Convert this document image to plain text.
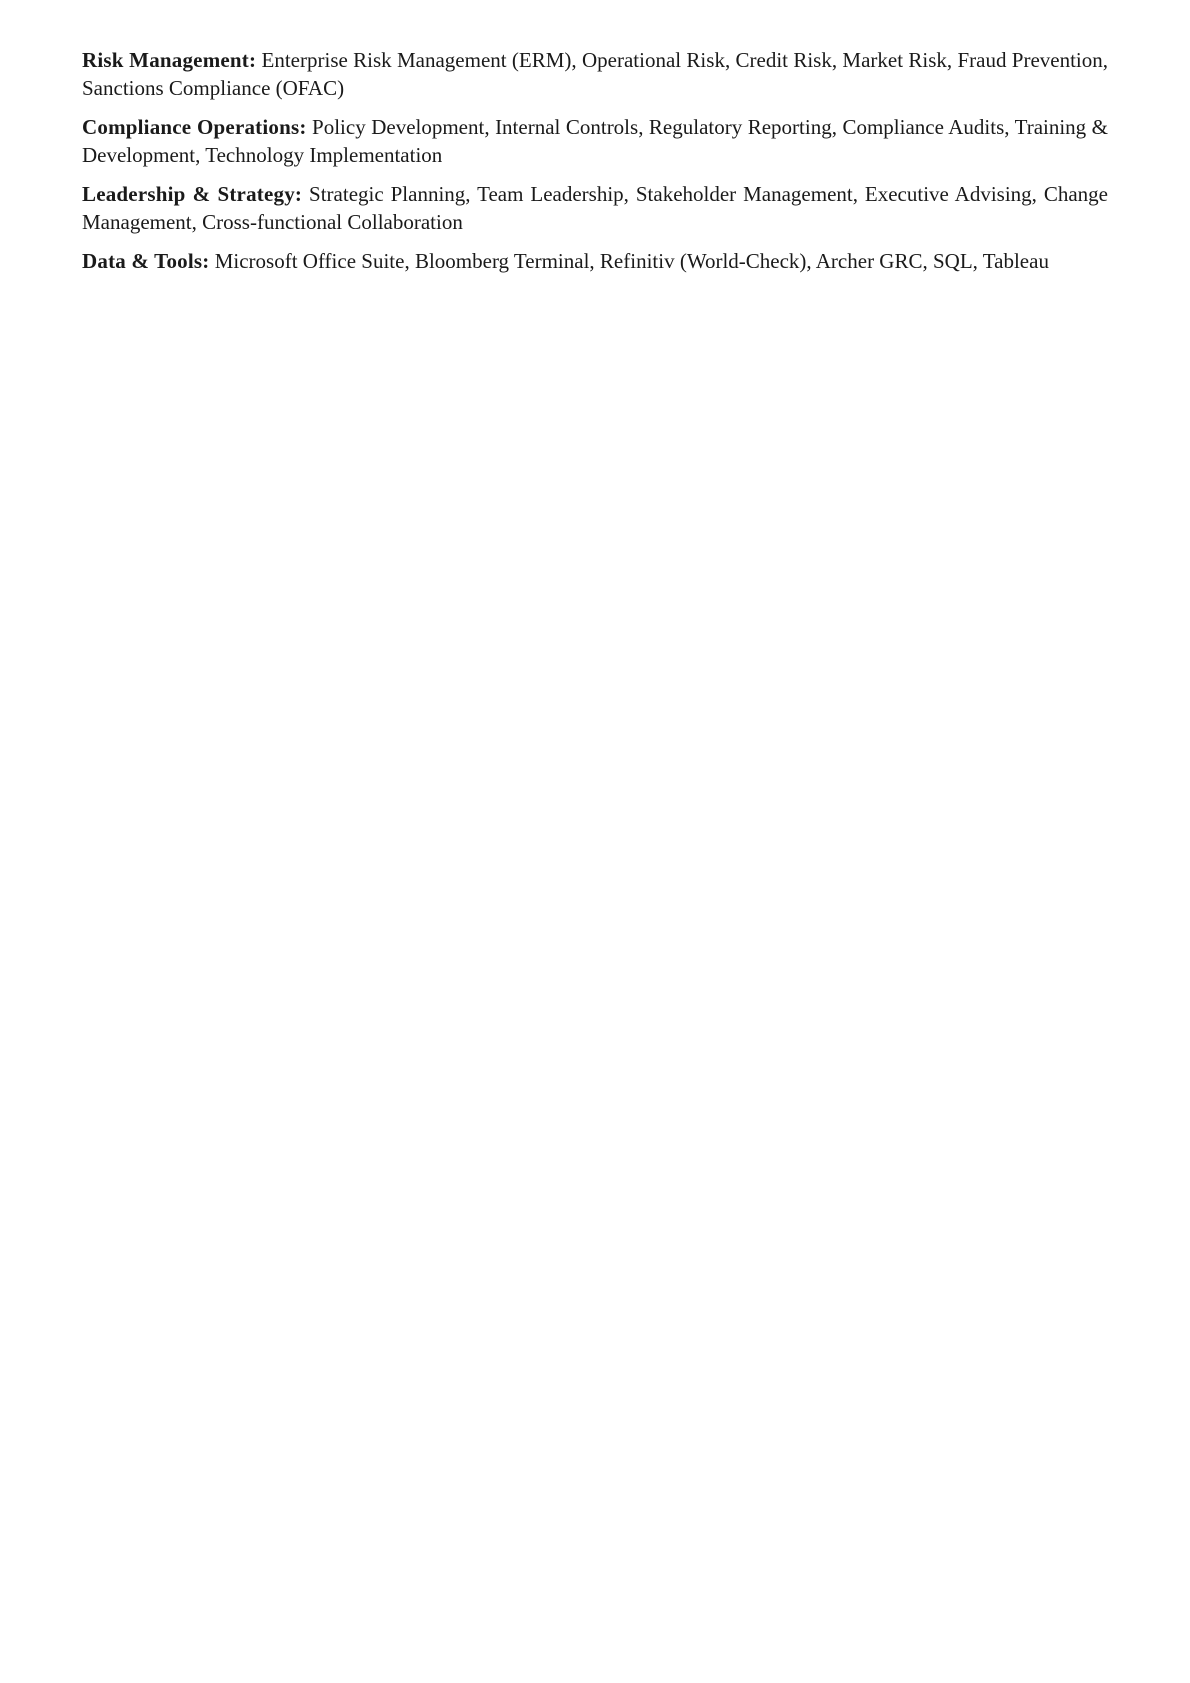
Risk Management: Enterprise Risk Management (ERM), Operational Risk, Credit Risk, Market Risk, Fraud Prevention, Sanctions Compliance (OFAC)

Compliance Operations: Policy Development, Internal Controls, Regulatory Reporting, Compliance Audits, Training & Development, Technology Implementation

Leadership & Strategy: Strategic Planning, Team Leadership, Stakeholder Management, Executive Advising, Change Management, Cross-functional Collaboration

Data & Tools: Microsoft Office Suite, Bloomberg Terminal, Refinitiv (World-Check), Archer GRC, SQL, Tableau
